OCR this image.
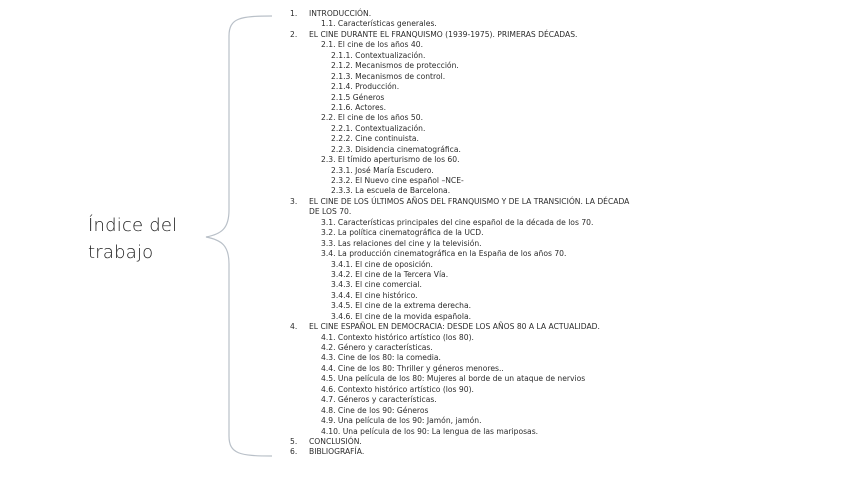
Índice del trabajo
1. INTRODUCCIÓN.
1.1. Características generales.
2. EL CINE DURANTE EL FRANQUISMO (1939-1975). PRIMERAS DÉCADAS.
2.1. El cine de los años 40.
2.1.1. Contextualización.
2.1.2. Mecanismos de protección.
2.1.3. Mecanismos de control.
2.1.4. Producción.
2.1.5 Géneros
2.1.6. Actores.
2.2. El cine de los años 50.
2.2.1. Contextualización.
2.2.2. Cine continuista.
2.2.3. Disidencia cinematográfica.
2.3. El tímido aperturismo de los 60.
2.3.1. José María Escudero.
2.3.2. El Nuevo cine español –NCE-
2.3.3. La escuela de Barcelona.
3. EL CINE DE LOS ÚLTIMOS AÑOS DEL FRANQUISMO Y DE LA TRANSICIÓN. LA DÉCADA
DE LOS 70.
3.1. Características principales del cine español de la década de los 70.
3.2. La política cinematográfica de la UCD.
3.3. Las relaciones del cine y la televisión.
3.4. La producción cinematográfica en la España de los años 70.
3.4.1. El cine de oposición.
3.4.2. El cine de la Tercera Vía.
3.4.3. El cine comercial.
3.4.4. El cine histórico.
3.4.5. El cine de la extrema derecha.
3.4.6. El cine de la movida española.
4. EL CINE ESPAÑOL EN DEMOCRACIA: DESDE LOS AÑOS 80 A LA ACTUALIDAD.
4.1. Contexto histórico artístico (los 80).
4.2. Género y características.
4.3. Cine de los 80: la comedia.
4.4. Cine de los 80: Thriller y géneros menores..
4.5. Una película de los 80: Mujeres al borde de un ataque de nervios
4.6. Contexto histórico artístico (los 90).
4.7. Géneros y características.
4.8. Cine de los 90: Géneros
4.9. Una película de los 90: Jamón, jamón.
4.10. Una película de los 90: La lengua de las mariposas.
5. CONCLUSIÓN.
6. BIBLIOGRAFÍA.
